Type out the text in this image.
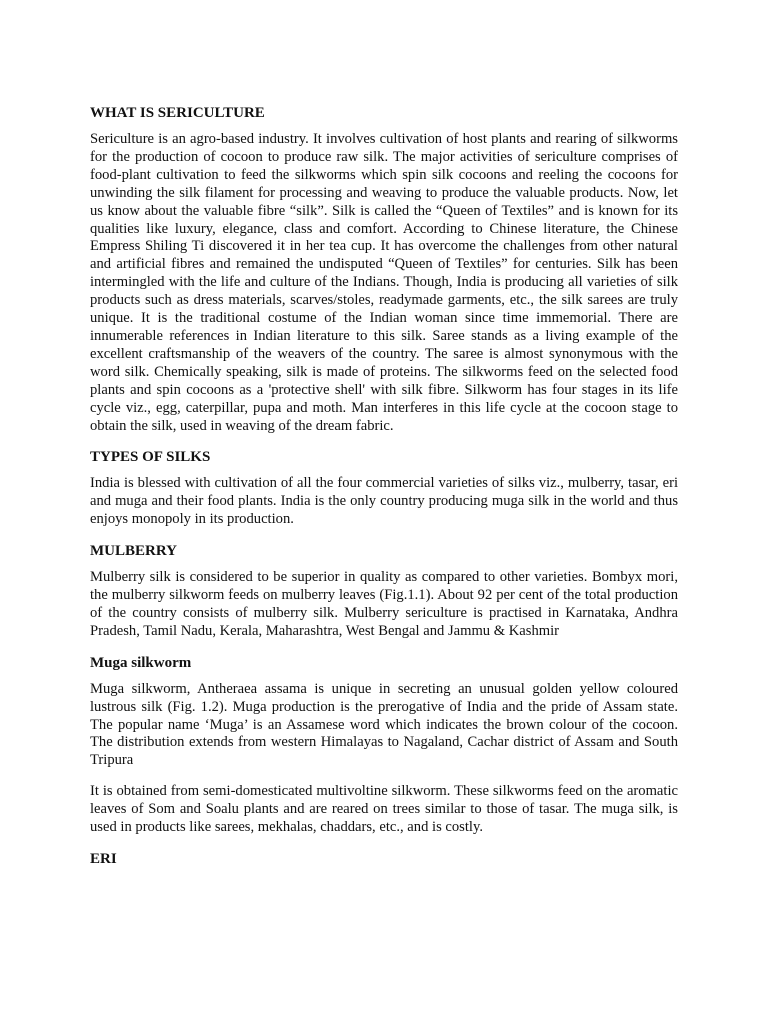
WHAT IS SERICULTURE

Sericulture is an agro-based industry. It involves cultivation of host plants and rearing of silkworms for the production of cocoon to produce raw silk. The major activities of sericulture comprises of food-plant cultivation to feed the silkworms which spin silk cocoons and reeling the cocoons for unwinding the silk filament for processing and weaving to produce the valuable products. Now, let us know about the valuable fibre “silk”. Silk is called the “Queen of Textiles” and is known for its qualities like luxury, elegance, class and comfort. According to Chinese literature, the Chinese Empress Shiling Ti discovered it in her tea cup. It has overcome the challenges from other natural and artificial fibres and remained the undisputed “Queen of Textiles” for centuries. Silk has been intermingled with the life and culture of the Indians. Though, India is producing all varieties of silk products such as dress materials, scarves/stoles, readymade garments, etc., the silk sarees are truly unique. It is the traditional costume of the Indian woman since time immemorial. There are innumerable references in Indian literature to this silk. Saree stands as a living example of the excellent craftsmanship of the weavers of the country. The saree is almost synonymous with the word silk. Chemically speaking, silk is made of proteins. The silkworms feed on the selected food plants and spin cocoons as a 'protective shell' with silk fibre. Silkworm has four stages in its life cycle viz., egg, caterpillar, pupa and moth. Man interferes in this life cycle at the cocoon stage to obtain the silk, used in weaving of the dream fabric.

TYPES OF SILKS

India is blessed with cultivation of all the four commercial varieties of silks viz., mulberry, tasar, eri and muga and their food plants. India is the only country producing muga silk in the world and thus enjoys monopoly in its production.

MULBERRY

Mulberry silk is considered to be superior in quality as compared to other varieties. Bombyx mori, the mulberry silkworm feeds on mulberry leaves (Fig.1.1). About 92 per cent of the total production of the country consists of mulberry silk. Mulberry sericulture is practised in Karnataka, Andhra Pradesh, Tamil Nadu, Kerala, Maharashtra, West Bengal and Jammu & Kashmir

Muga silkworm

Muga silkworm, Antheraea assama is unique in secreting an unusual golden yellow coloured lustrous silk (Fig. 1.2). Muga production is the prerogative of India and the pride of Assam state. The popular name ‘Muga’ is an Assamese word which indicates the brown colour of the cocoon. The distribution extends from western Himalayas to Nagaland, Cachar district of Assam and South Tripura

It is obtained from semi-domesticated multivoltine silkworm. These silkworms feed on the aromatic leaves of Som and Soalu plants and are reared on trees similar to those of tasar. The muga silk, is used in products like sarees, mekhalas, chaddars, etc., and is costly.

ERI
